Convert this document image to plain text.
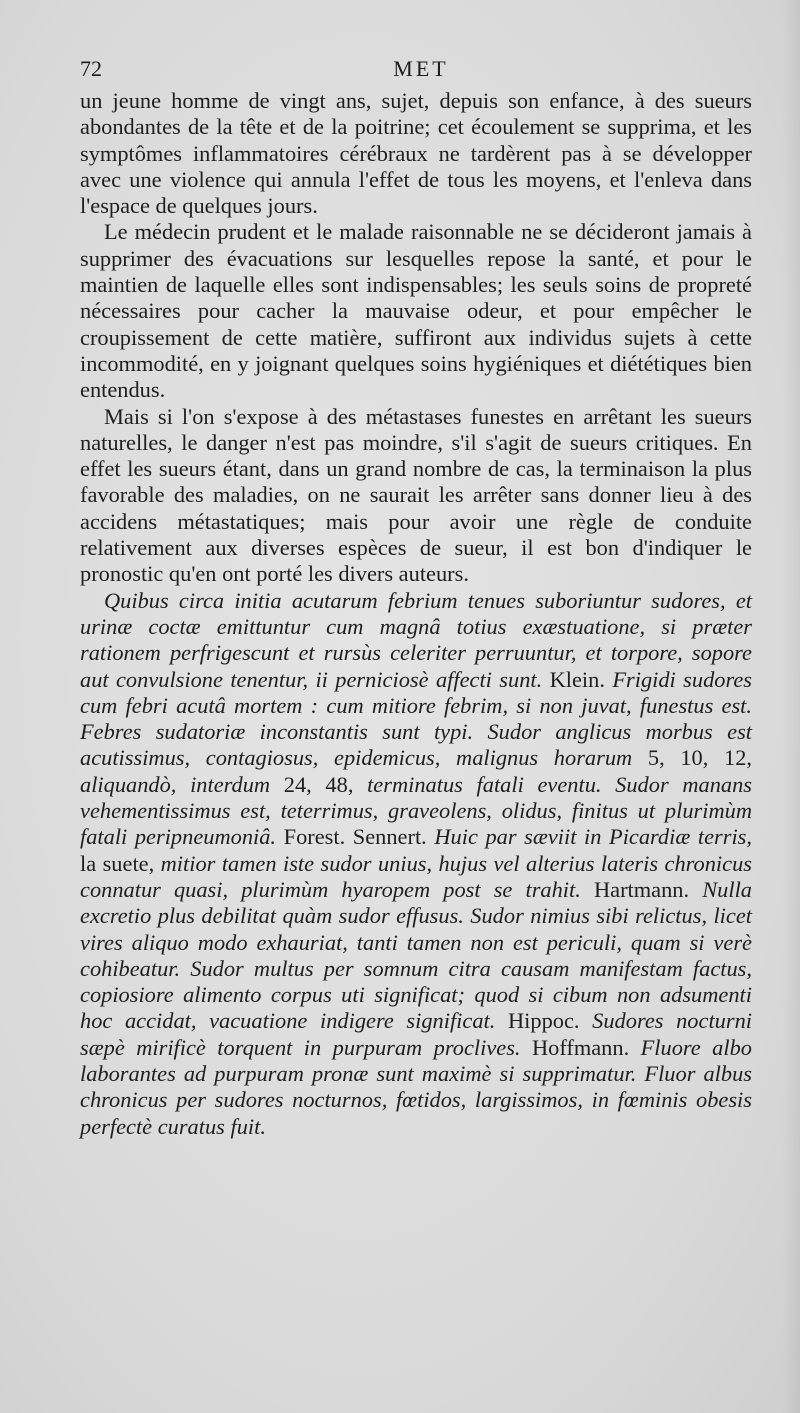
72	MET

un jeune homme de vingt ans, sujet, depuis son enfance, à des sueurs abondantes de la tête et de la poitrine; cet écoulement se supprima, et les symptômes inflammatoires cérébraux ne tardèrent pas à se développer avec une violence qui annula l'effet de tous les moyens, et l'enleva dans l'espace de quelques jours.

Le médecin prudent et le malade raisonnable ne se décideront jamais à supprimer des évacuations sur lesquelles repose la santé, et pour le maintien de laquelle elles sont indispensables; les seuls soins de propreté nécessaires pour cacher la mauvaise odeur, et pour empêcher le croupissement de cette matière, suffiront aux individus sujets à cette incommodité, en y joignant quelques soins hygiéniques et diététiques bien entendus.

Mais si l'on s'expose à des métastases funestes en arrêtant les sueurs naturelles, le danger n'est pas moindre, s'il s'agit de sueurs critiques. En effet les sueurs étant, dans un grand nombre de cas, la terminaison la plus favorable des maladies, on ne saurait les arrêter sans donner lieu à des accidens métastatiques; mais pour avoir une règle de conduite relativement aux diverses espèces de sueur, il est bon d'indiquer le pronostic qu'en ont porté les divers auteurs.

Quibus circa initia acutarum febrium tenues suboriuntur sudores, et urinæ coctæ emittuntur cum magnâ totius exæstuatione, si præter rationem perfrigescunt et rursùs celeriter perruuntur, et torpore, sopore aut convulsione tenentur, ii perniciosè affecti sunt. Klein. Frigidi sudores cum febri acutâ mortem : cum mitiore febrim, si non juvat, funestus est. Febres sudatoriæ inconstantis sunt typi. Sudor anglicus morbus est acutissimus, contagiosus, epidemicus, malignus horarum 5, 10, 12, aliquandò, interdum 24, 48, terminatus fatali eventu. Sudor manans vehementissimus est, teterrimus, graveolens, olidus, finitus ut plurimùm fatali peripneumoniâ. Forest. Sennert. Huic par sæviit in Picardiæ terris, la suete, mitior tamen iste sudor unius, hujus vel alterius lateris chronicus connatur quasi, plurimùm hyaropem post se trahit. Hartmann. Nulla excretio plus debilitat quàm sudor effusus. Sudor nimius sibi relictus, licet vires aliquo modo exhauriat, tanti tamen non est periculi, quam si verè cohibeatur. Sudor multus per somnum citra causam manifestam factus, copiosiore alimento corpus uti significat; quod si cibum non adsumenti hoc accidat, vacuatione indigere significat. Hippoc. Sudores nocturni sæpè mirificè torquent in purpuram proclives. Hoffmann. Fluore albo laborantes ad purpuram pronæ sunt maximè si supprimatur. Fluor albus chronicus per sudores nocturnos, fœtidos, largissimos, in fœminis obesis perfectè curatus fuit.
